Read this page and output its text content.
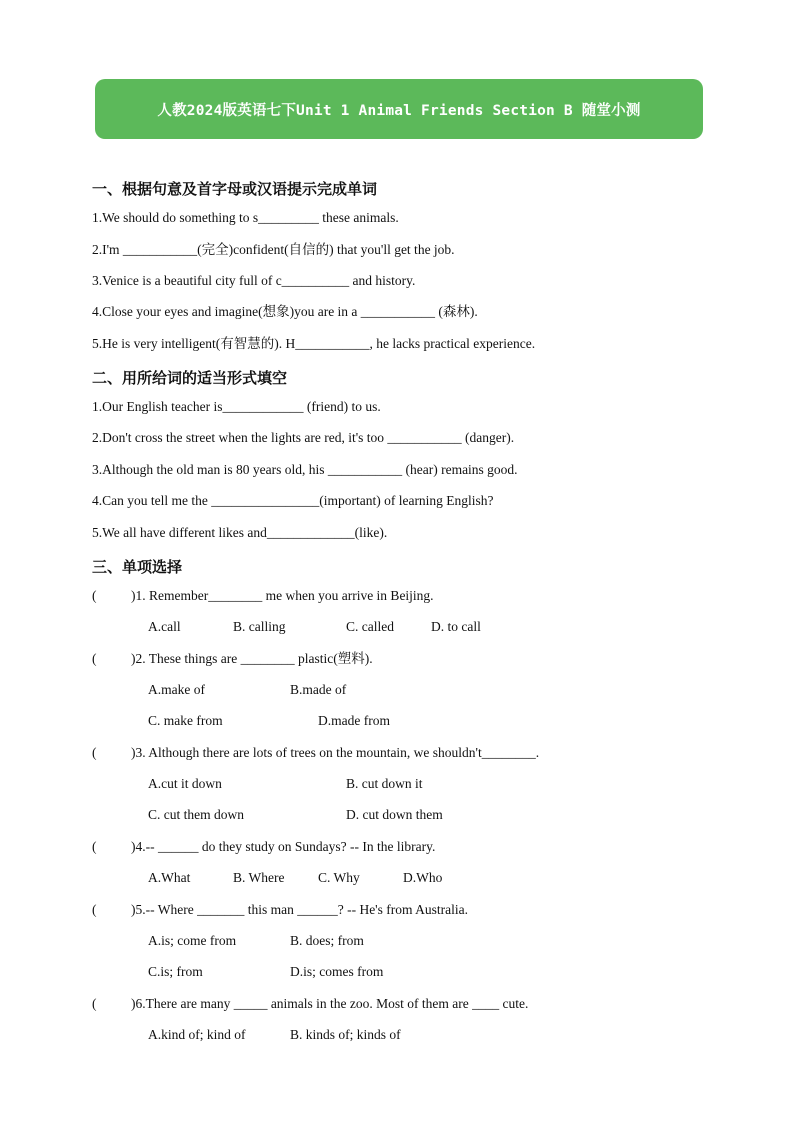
人教2024版英语七下Unit 1 Animal Friends Section B 随堂小测
一、根据句意及首字母或汉语提示完成单词
1.We should do something to s_________ these animals.
2.I'm ___________(完全)confident(自信的) that you'll get the job.
3.Venice is a beautiful city full of c__________ and history.
4.Close your eyes and imagine(想象)you are in a ___________ (森林).
5.He is very intelligent(有智慧的). H___________, he lacks practical experience.
二、用所给词的适当形式填空
1.Our English teacher is____________ (friend) to us.
2.Don't cross the street when the lights are red, it's too ___________ (danger).
3.Although the old man is 80 years old, his ___________ (hear) remains good.
4.Can you tell me the ________________(important) of learning English?
5.We all have different likes and_____________(like).
三、单项选择
(	)1. Remember________ me when you arrive in Beijing.
A.call	B. calling	C. called	D. to call
(	)2. These things are ________ plastic(塑料).
A.make of	B.made of
C. make from	D.made from
(	)3. Although there are lots of trees on the mountain, we shouldn't________.
A.cut it down	B. cut down it
C. cut them down	D. cut down them
(	)4.-- ______ do they study on Sundays? -- In the library.
A.What	B. Where C. Why	D.Who
(	)5.-- Where _______ this man ______? -- He's from Australia.
A.is; come from	B. does; from
C.is; from	D.is; comes from
(	)6.There are many _____ animals in the zoo. Most of them are ____ cute.
A.kind of; kind of	B. kinds of; kinds of
